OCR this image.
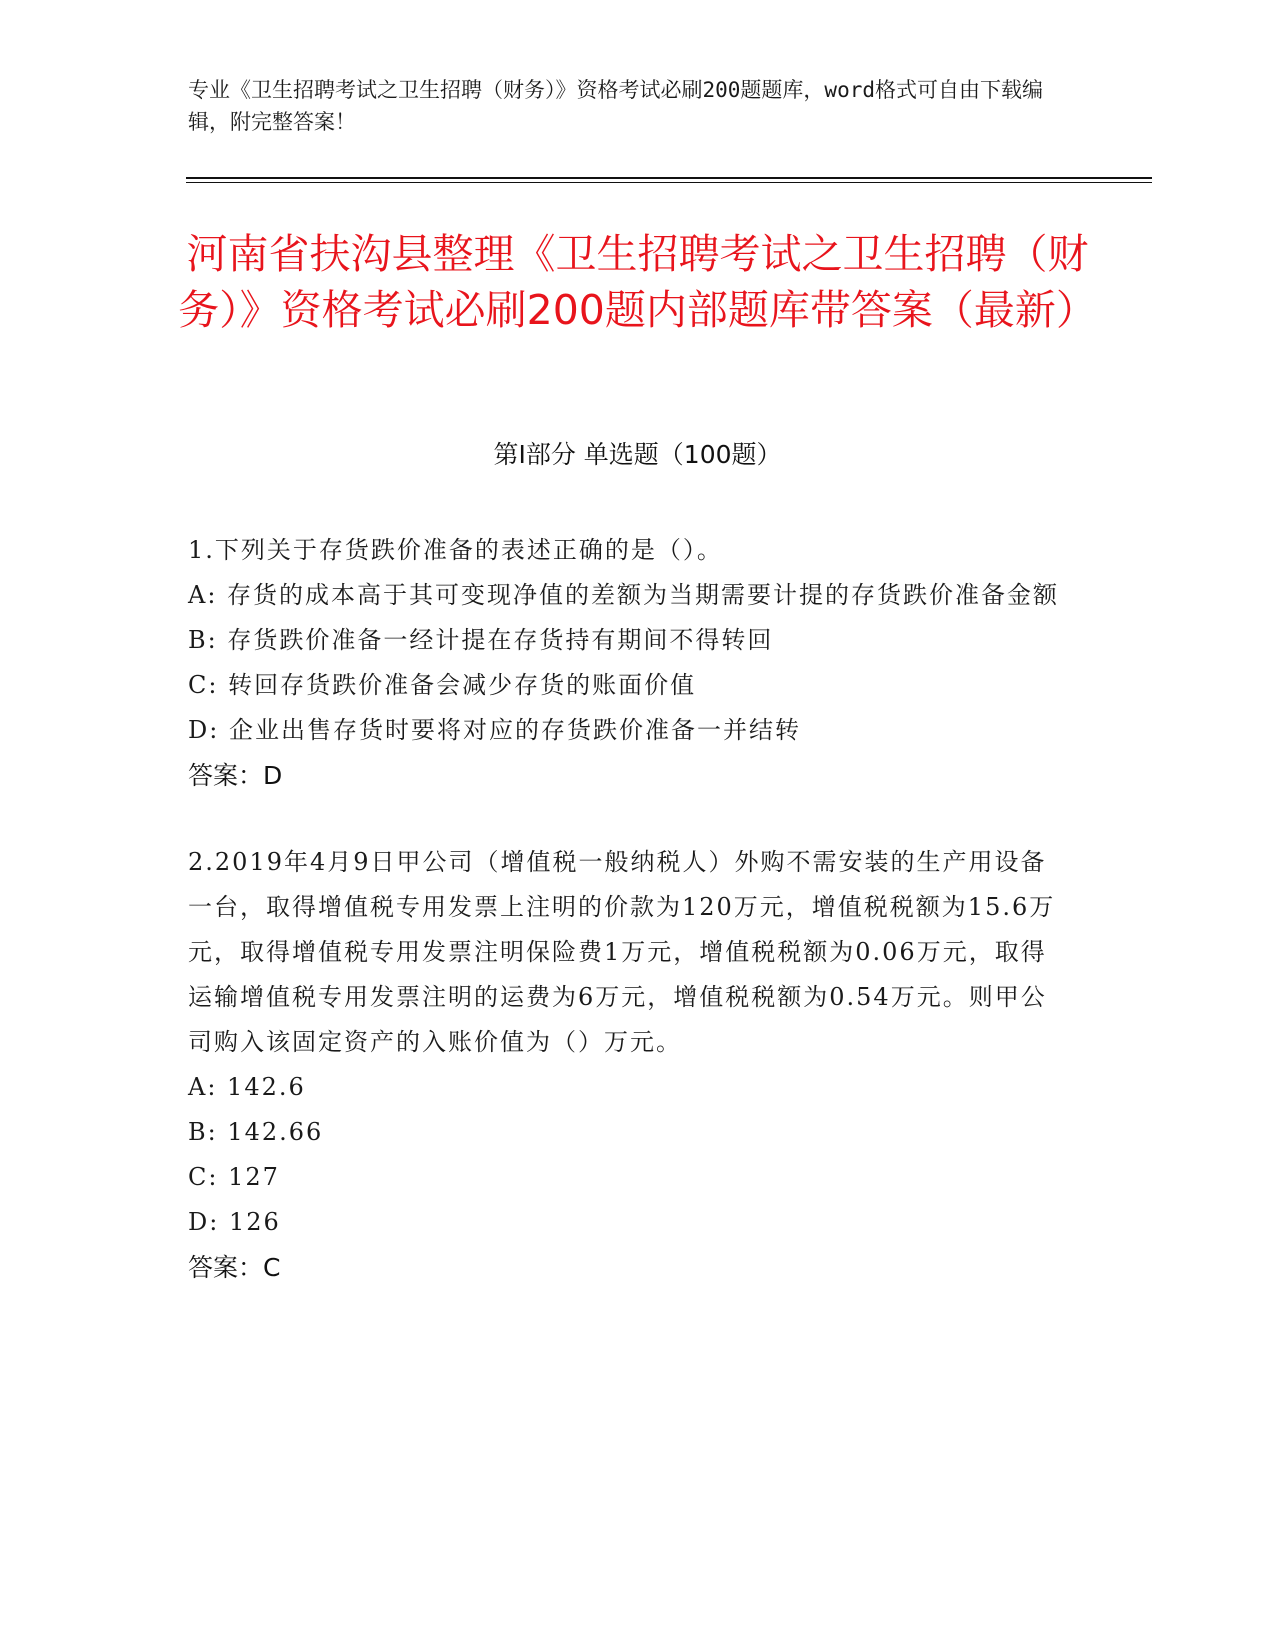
专业《卫生招聘考试之卫生招聘（财务）》资格考试必刷200题题库，word格式可自由下载编辑，附完整答案！
河南省扶沟县整理《卫生招聘考试之卫生招聘（财务）》资格考试必刷200题内部题库带答案（最新）
第I部分 单选题（100题）

1.下列关于存货跌价准备的表述正确的是（）。

A: 存货的成本高于其可变现净值的差额为当期需要计提的存货跌价准备金额

B: 存货跌价准备一经计提在存货持有期间不得转回

C: 转回存货跌价准备会减少存货的账面价值

D: 企业出售存货时要将对应的存货跌价准备一并结转

答案：D

2.2019年4月9日甲公司（增值税一般纳税人）外购不需安装的生产用设备一台，取得增值税专用发票上注明的价款为120万元，增值税税额为15.6万元，取得增值税专用发票注明保险费1万元，增值税税额为0.06万元，取得运输增值税专用发票注明的运费为6万元，增值税税额为0.54万元。则甲公司购入该固定资产的入账价值为（）万元。

A: 142.6

B: 142.66

C: 127

D: 126

答案：C
